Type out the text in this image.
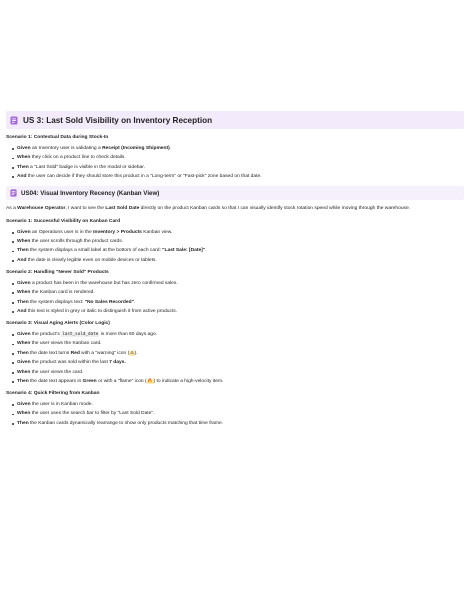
US 3: Last Sold Visibility on Inventory Reception
Scenario 1: Contextual Data during Stock-In
Given an Inventory user is validating a Receipt (Incoming Shipment).
When they click on a product line to check details.
Then a "Last Sold" badge is visible in the modal or sidebar.
And the user can decide if they should store this product in a "Long-term" or "Fast-pick" zone based on that date.
US04: Visual Inventory Recency (Kanban View)

As a Warehouse Operator, I want to see the Last Sold Date directly on the product Kanban cards so that I can visually identify stock rotation speed while moving through the warehouse.

Scenario 1: Successful Visibility on Kanban Card
Given an Operations user is in the Inventory > Products Kanban view.
When the user scrolls through the product cards.
Then the system displays a small label at the bottom of each card: "Last Sale: [Date]".
And the date is clearly legible even on mobile devices or tablets.
Scenario 2: Handling "Never Sold" Products
Given a product has been in the warehouse but has zero confirmed sales.
When the Kanban card is rendered.
Then the system displays text: "No Sales Recorded".
And this text is styled in grey or italic to distinguish it from active products.
Scenario 3: Visual Aging Alerts (Color Logic)
Given the product's last_sold_date is more than 60 days ago.
When the user views the Kanban card.
Then the date text turns Red with a "warning" icon (⚠).
Given the product was sold within the last 7 days.
When the user views the card.
Then the date text appears in Green or with a "flame" icon (🔥) to indicate a high-velocity item.
Scenario 4: Quick Filtering from Kanban
Given the user is in Kanban mode.
When the user uses the search bar to filter by "Last Sold Date".
Then the Kanban cards dynamically rearrange to show only products matching that time frame.
